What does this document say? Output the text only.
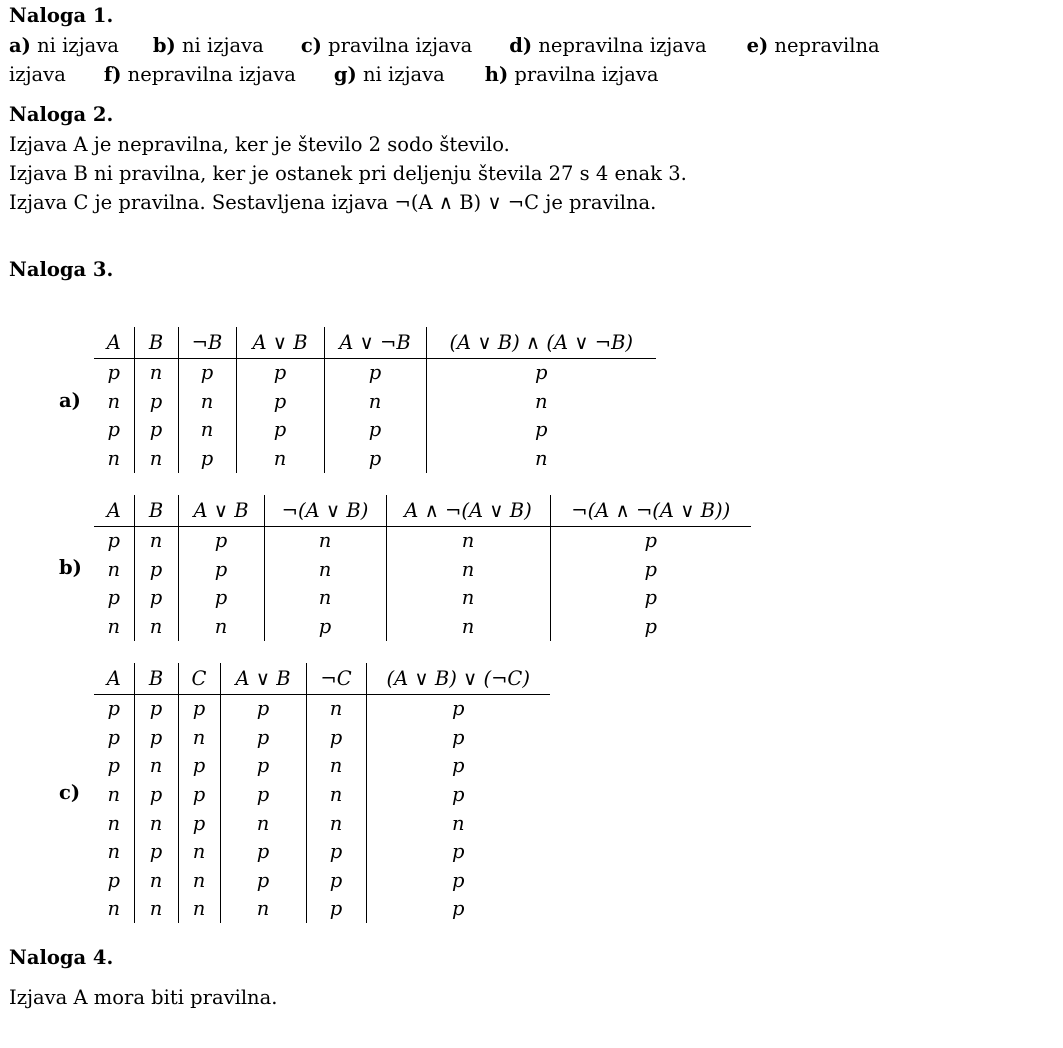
Naloga 1.
a) ni izjava b) ni izjava c) pravilna izjava d) nepravilna izjava e) nepravilna
izjava f) nepravilna izjava g) ni izjava h) pravilna izjava
Naloga 2.
Izjava A je nepravilna, ker je število 2 sodo število.
Izjava B ni pravilna, ker je ostanek pri deljenju števila 27 s 4 enak 3.
Izjava C je pravilna. Sestavljena izjava ¬(A ∧ B) ∨ ¬C je pravilna.
Naloga 3.
a)
A	B	¬B	A ∨ B	A ∨ ¬B	(A ∨ B) ∧ (A ∨ ¬B)
p	n	p	p	p	p
n	p	n	p	n	n
p	p	n	p	p	p
n	n	p	n	p	n
b)
A	B	A ∨ B	¬(A ∨ B)	A ∧ ¬(A ∨ B)	¬(A ∧ ¬(A ∨ B))
p	n	p	n	n	p
n	p	p	n	n	p
p	p	p	n	n	p
n	n	n	p	n	p
c)
A	B	C	A ∨ B	¬C	(A ∨ B) ∨ (¬C)
p	p	p	p	n	p
p	p	n	p	p	p
p	n	p	p	n	p
n	p	p	p	n	p
n	n	p	n	n	n
n	p	n	p	p	p
p	n	n	p	p	p
n	n	n	n	p	p
Naloga 4.
Izjava A mora biti pravilna.
